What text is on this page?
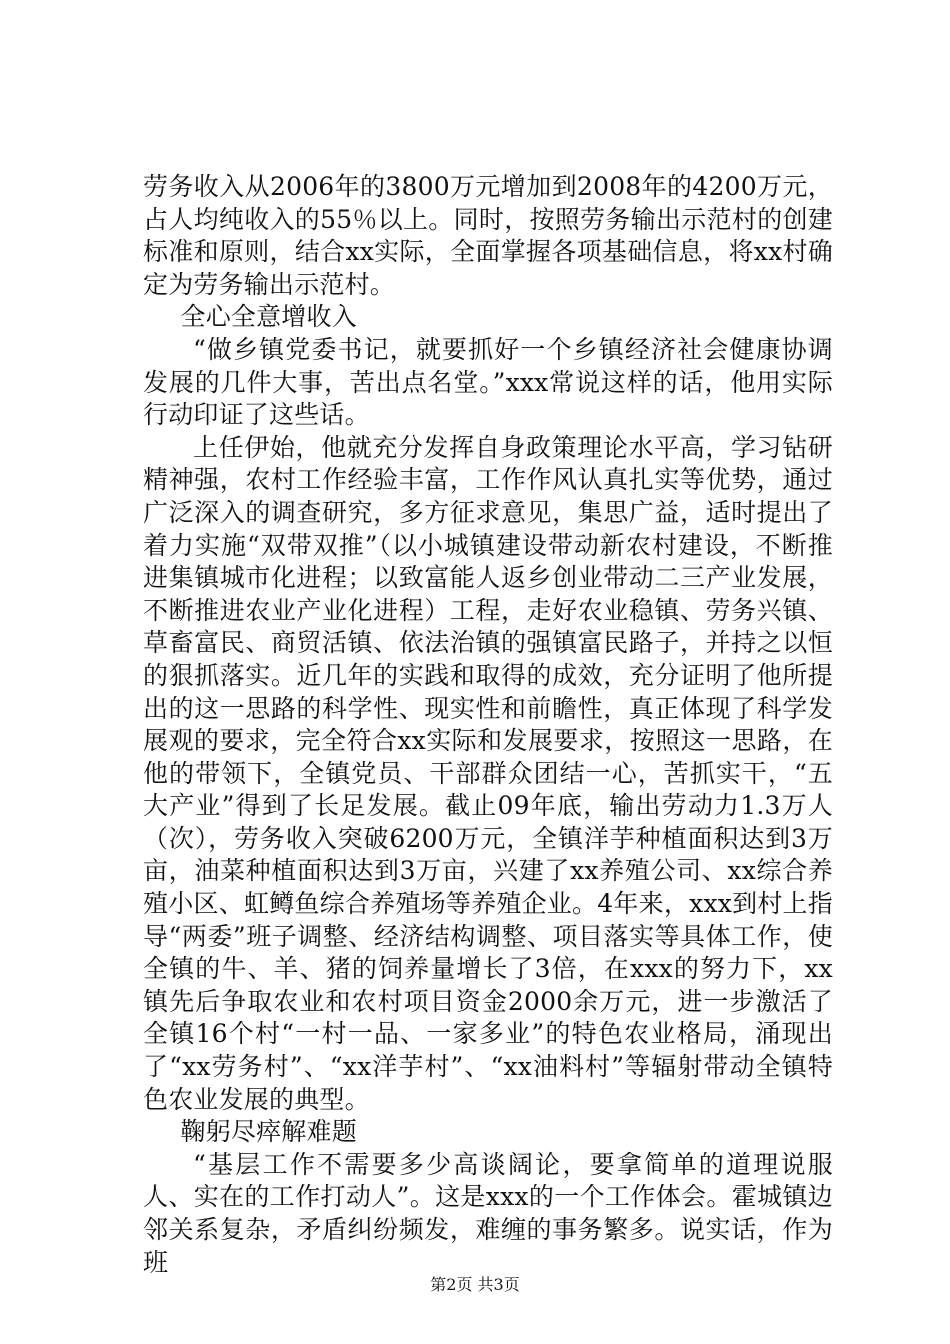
劳务收入从2006年的3800万元增加到2008年的4200万元，占人均纯收入的55％以上。同时，按照劳务输出示范村的创建标准和原则，结合xx实际，全面掌握各项基础信息，将xx村确定为劳务输出示范村。

全心全意增收入

“做乡镇党委书记，就要抓好一个乡镇经济社会健康协调发展的几件大事，苦出点名堂。”xxx常说这样的话，他用实际行动印证了这些话。

上任伊始，他就充分发挥自身政策理论水平高，学习钻研精神强，农村工作经验丰富，工作作风认真扎实等优势，通过广泛深入的调查研究，多方征求意见，集思广益，适时提出了着力实施“双带双推”（以小城镇建设带动新农村建设，不断推进集镇城市化进程；以致富能人返乡创业带动二三产业发展，不断推进农业产业化进程）工程，走好农业稳镇、劳务兴镇、草畜富民、商贸活镇、依法治镇的强镇富民路子，并持之以恒的狠抓落实。近几年的实践和取得的成效，充分证明了他所提出的这一思路的科学性、现实性和前瞻性，真正体现了科学发展观的要求，完全符合xx实际和发展要求，按照这一思路，在他的带领下，全镇党员、干部群众团结一心，苦抓实干，“五大产业”得到了长足发展。截止09年底，输出劳动力1.3万人（次），劳务收入突破6200万元，全镇洋芋种植面积达到3万亩，油菜种植面积达到3万亩，兴建了xx养殖公司、xx综合养殖小区、虹鳟鱼综合养殖场等养殖企业。4年来，xxx到村上指导“两委”班子调整、经济结构调整、项目落实等具体工作，使全镇的牛、羊、猪的饲养量增长了3倍，在xxx的努力下，xx镇先后争取农业和农村项目资金2000余万元，进一步激活了全镇16个村“一村一品、一家多业”的特色农业格局，涌现出了“xx劳务村”、“xx洋芋村”、“xx油料村”等辐射带动全镇特色农业发展的典型。

鞠躬尽瘁解难题

“基层工作不需要多少高谈阔论，要拿简单的道理说服人、实在的工作打动人”。这是xxx的一个工作体会。霍城镇边邻关系复杂，矛盾纠纷频发，难缠的事务繁多。说实话，作为班

第2页 共3页
